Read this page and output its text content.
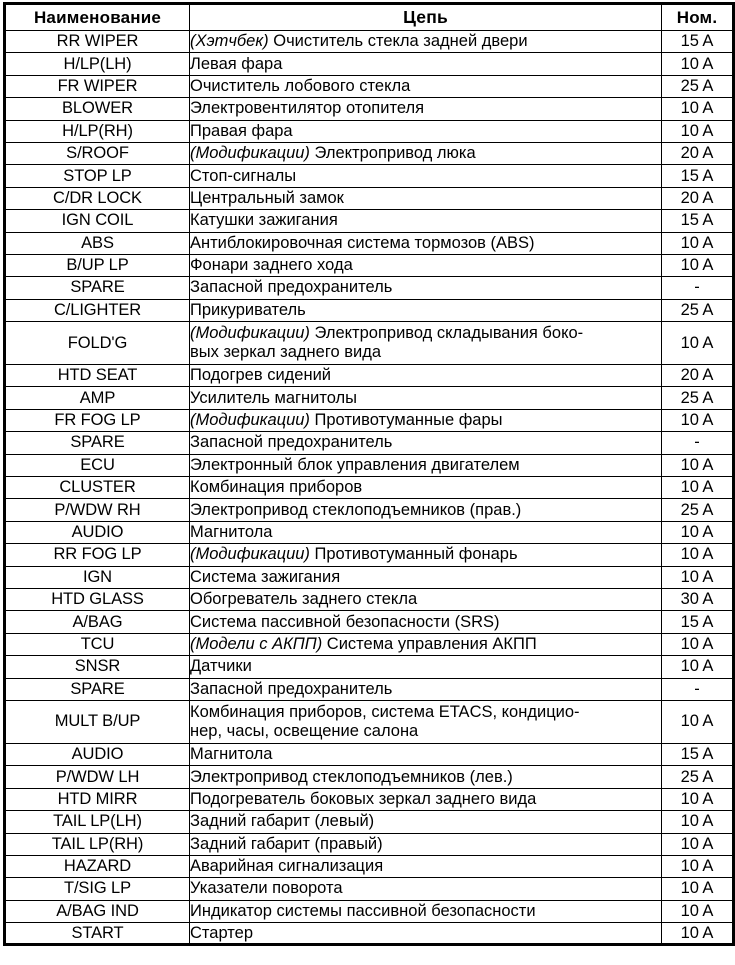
Наименование	Цепь	Ном.
RR WIPER	(Хэтчбек) Очиститель стекла задней двери	15 A
H/LP(LH)	Левая фара	10 A
FR WIPER	Очиститель лобового стекла	25 A
BLOWER	Электровентилятор отопителя	10 A
H/LP(RH)	Правая фара	10 A
S/ROOF	(Модификации) Электропривод люка	20 A
STOP LP	Стоп-сигналы	15 A
C/DR LOCK	Центральный замок	20 A
IGN COIL	Катушки зажигания	15 A
ABS	Антиблокировочная система тормозов (ABS)	10 A
B/UP LP	Фонари заднего хода	10 A
SPARE	Запасной предохранитель	-
C/LIGHTER	Прикуриватель	25 A
FOLD'G	(Модификации) Электропривод складывания боко-
вых зеркал заднего вида	10 A
HTD SEAT	Подогрев сидений	20 A
AMP	Усилитель магнитолы	25 A
FR FOG LP	(Модификации) Противотуманные фары	10 A
SPARE	Запасной предохранитель	-
ECU	Электронный блок управления двигателем	10 A
CLUSTER	Комбинация приборов	10 A
P/WDW RH	Электропривод стеклоподъемников (прав.)	25 A
AUDIO	Магнитола	10 A
RR FOG LP	(Модификации) Противотуманный фонарь	10 A
IGN	Система зажигания	10 A
HTD GLASS	Обогреватель заднего стекла	30 A
A/BAG	Система пассивной безопасности (SRS)	15 A
TCU	(Модели с АКПП) Система управления АКПП	10 A
SNSR	Датчики	10 A
SPARE	Запасной предохранитель	-
MULT B/UP	Комбинация приборов, система ETACS, кондицио-
нер, часы, освещение салона	10 A
AUDIO	Магнитола	15 A
P/WDW LH	Электропривод стеклоподъемников (лев.)	25 A
HTD MIRR	Подогреватель боковых зеркал заднего вида	10 A
TAIL LP(LH)	Задний габарит (левый)	10 A
TAIL LP(RH)	Задний габарит (правый)	10 A
HAZARD	Аварийная сигнализация	10 A
T/SIG LP	Указатели поворота	10 A
A/BAG IND	Индикатор системы пассивной безопасности	10 A
START	Стартер	10 A
